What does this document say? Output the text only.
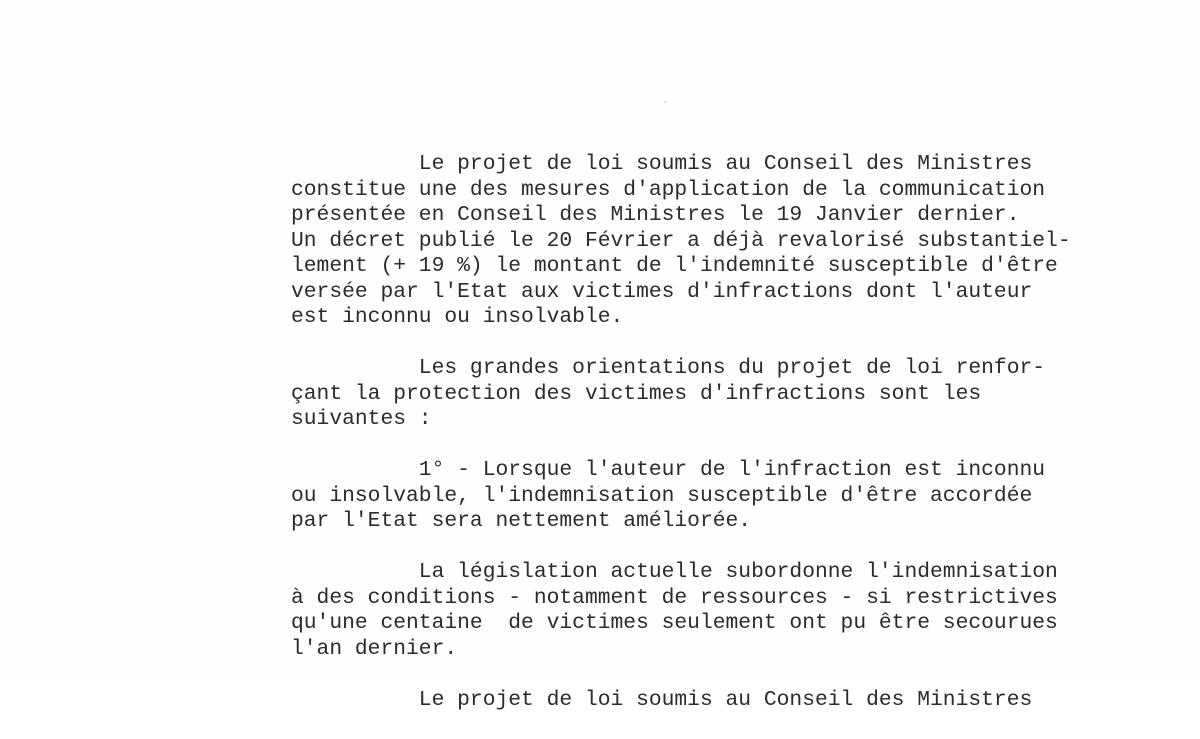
Le projet de loi soumis au Conseil des Ministres
constitue une des mesures d'application de la communication
présentée en Conseil des Ministres le 19 Janvier dernier.
Un décret publié le 20 Février a déjà revalorisé substantiel-
lement (+ 19 %) le montant de l'indemnité susceptible d'être
versée par l'Etat aux victimes d'infractions dont l'auteur
est inconnu ou insolvable.

Les grandes orientations du projet de loi renfor-
çant la protection des victimes d'infractions sont les
suivantes :

1° - Lorsque l'auteur de l'infraction est inconnu
ou insolvable, l'indemnisation susceptible d'être accordée
par l'Etat sera nettement améliorée.

La législation actuelle subordonne l'indemnisation
à des conditions - notamment de ressources - si restrictives
qu'une centaine  de victimes seulement ont pu être secourues
l'an dernier.

Le projet de loi soumis au Conseil des Ministres
